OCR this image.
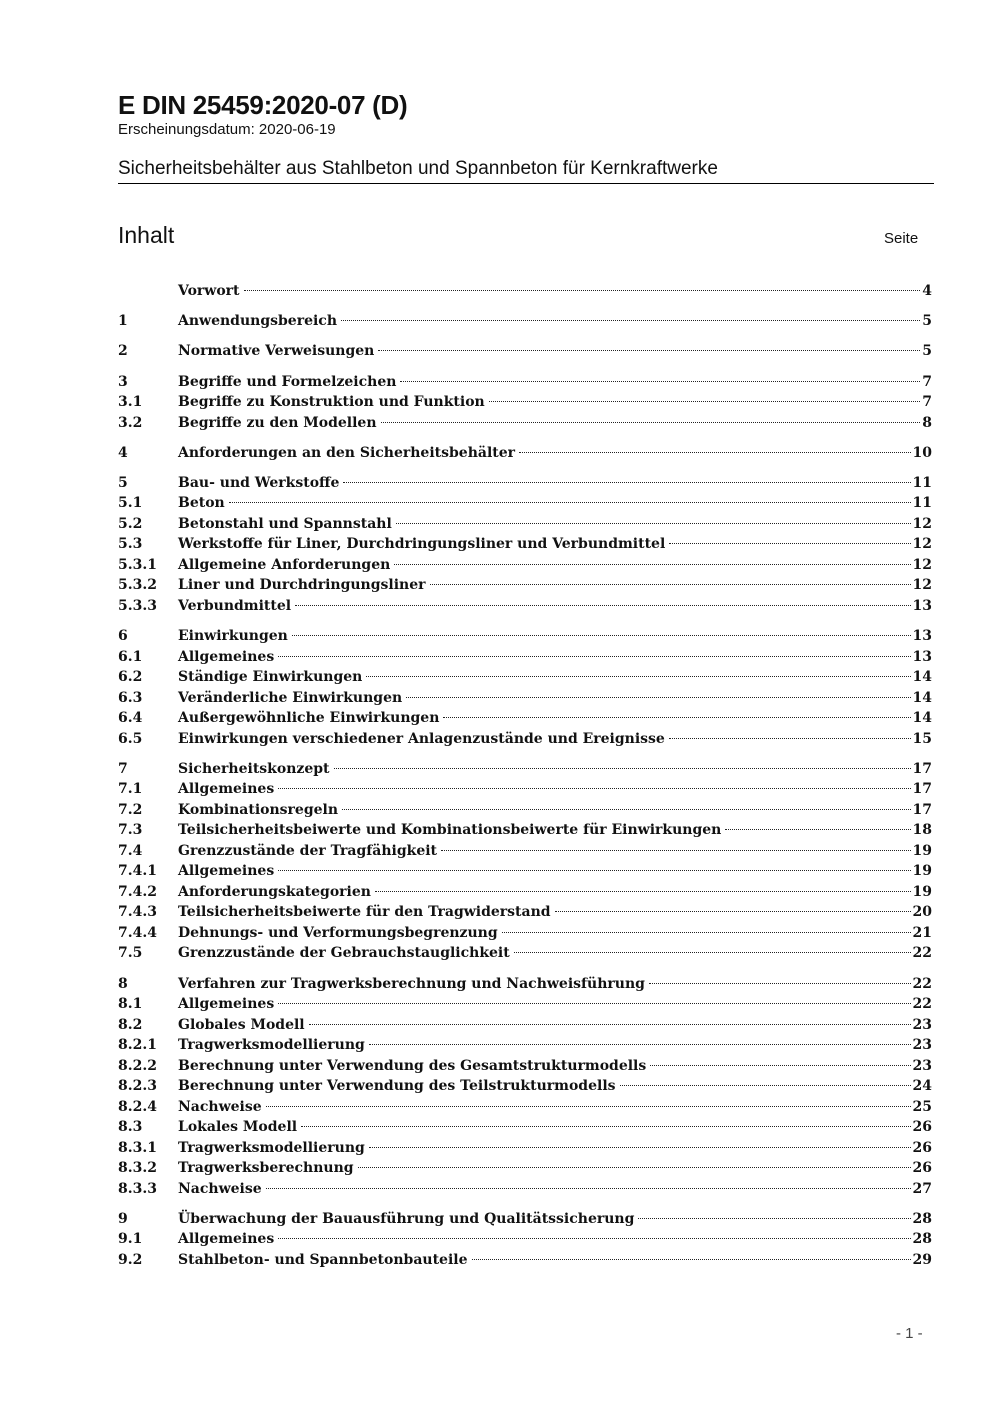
E DIN 25459:2020-07 (D)
Erscheinungsdatum: 2020-06-19
Sicherheitsbehälter aus Stahlbeton und Spannbeton für Kernkraftwerke
Inhalt	Seite
Vorwort	4
1	Anwendungsbereich	5
2	Normative Verweisungen	5
3	Begriffe und Formelzeichen	7
3.1	Begriffe zu Konstruktion und Funktion	7
3.2	Begriffe zu den Modellen	8
4	Anforderungen an den Sicherheitsbehälter	10
5	Bau- und Werkstoffe	11
5.1	Beton	11
5.2	Betonstahl und Spannstahl	12
5.3	Werkstoffe für Liner, Durchdringungsliner und Verbundmittel	12
5.3.1	Allgemeine Anforderungen	12
5.3.2	Liner und Durchdringungsliner	12
5.3.3	Verbundmittel	13
6	Einwirkungen	13
6.1	Allgemeines	13
6.2	Ständige Einwirkungen	14
6.3	Veränderliche Einwirkungen	14
6.4	Außergewöhnliche Einwirkungen	14
6.5	Einwirkungen verschiedener Anlagenzustände und Ereignisse	15
7	Sicherheitskonzept	17
7.1	Allgemeines	17
7.2	Kombinationsregeln	17
7.3	Teilsicherheitsbeiwerte und Kombinationsbeiwerte für Einwirkungen	18
7.4	Grenzzustände der Tragfähigkeit	19
7.4.1	Allgemeines	19
7.4.2	Anforderungskategorien	19
7.4.3	Teilsicherheitsbeiwerte für den Tragwiderstand	20
7.4.4	Dehnungs- und Verformungsbegrenzung	21
7.5	Grenzzustände der Gebrauchstauglichkeit	22
8	Verfahren zur Tragwerksberechnung und Nachweisführung	22
8.1	Allgemeines	22
8.2	Globales Modell	23
8.2.1	Tragwerksmodellierung	23
8.2.2	Berechnung unter Verwendung des Gesamtstrukturmodells	23
8.2.3	Berechnung unter Verwendung des Teilstrukturmodells	24
8.2.4	Nachweise	25
8.3	Lokales Modell	26
8.3.1	Tragwerksmodellierung	26
8.3.2	Tragwerksberechnung	26
8.3.3	Nachweise	27
9	Überwachung der Bauausführung und Qualitätssicherung	28
9.1	Allgemeines	28
9.2	Stahlbeton- und Spannbetonbauteile	29
- 1 -
